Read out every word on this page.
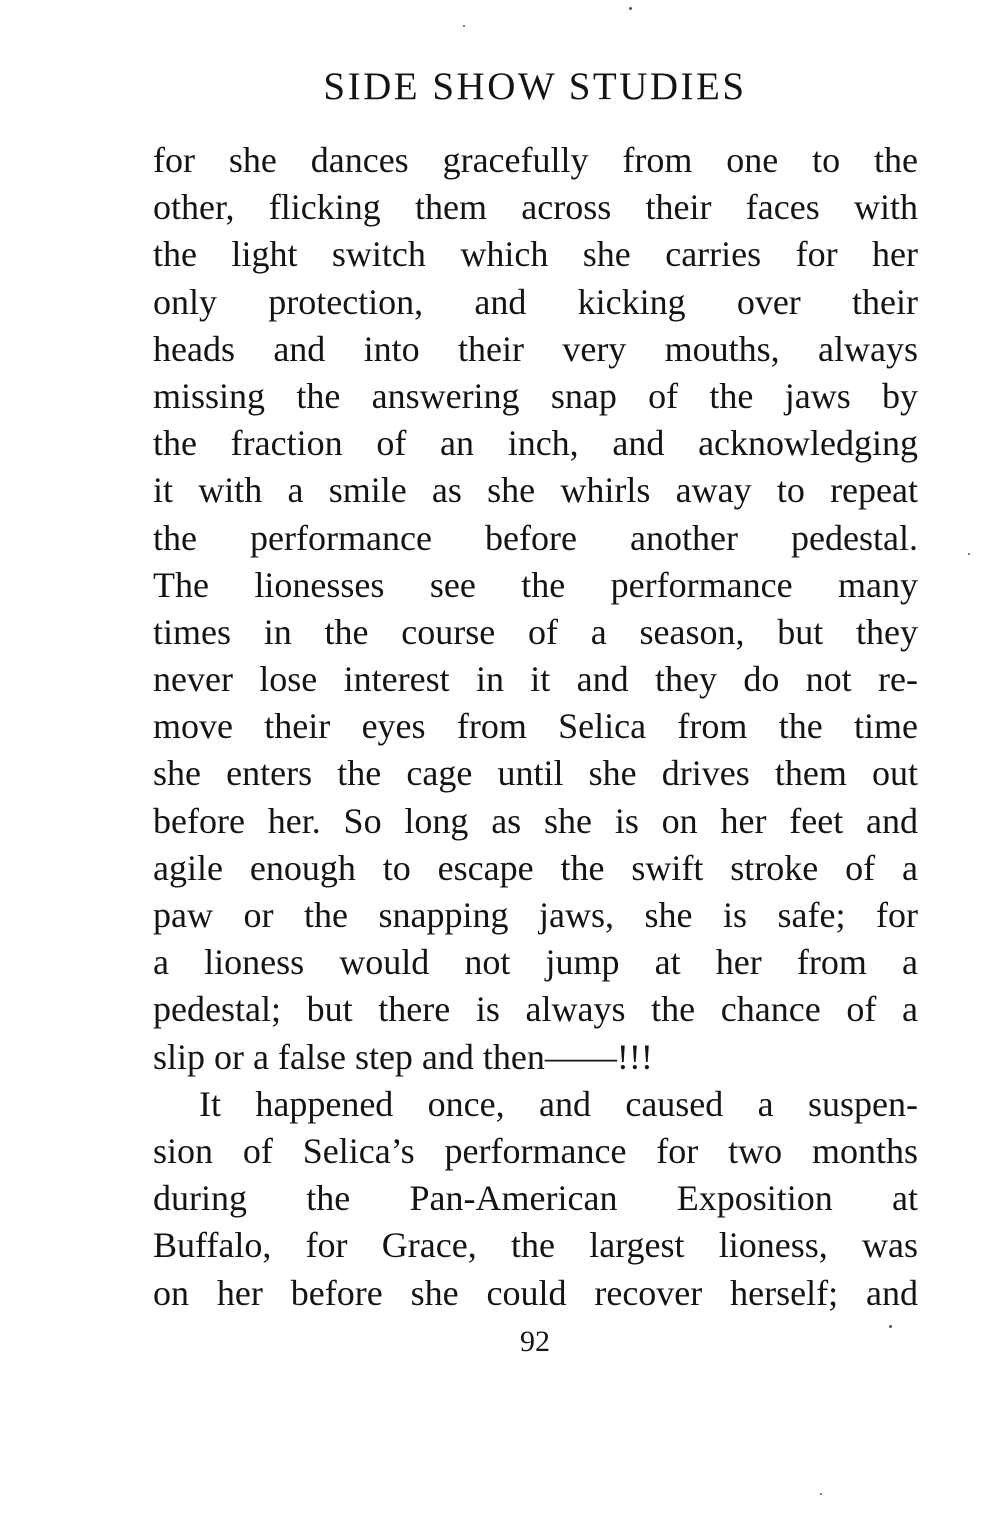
SIDE SHOW STUDIES
for she dances gracefully from one to the
other, flicking them across their faces with
the light switch which she carries for her
only protection, and kicking over their
heads and into their very mouths, always
missing the answering snap of the jaws by
the fraction of an inch, and acknowledging
it with a smile as she whirls away to repeat
the performance before another pedestal.
The lionesses see the performance many
times in the course of a season, but they
never lose interest in it and they do not re-
move their eyes from Selica from the time
she enters the cage until she drives them out
before her. So long as she is on her feet and
agile enough to escape the swift stroke of a
paw or the snapping jaws, she is safe; for
a lioness would not jump at her from a
pedestal; but there is always the chance of a
slip or a false step and then——!!!
It happened once, and caused a suspen-
sion of Selica’s performance for two months
during the Pan-American Exposition at
Buffalo, for Grace, the largest lioness, was
on her before she could recover herself; and
92
